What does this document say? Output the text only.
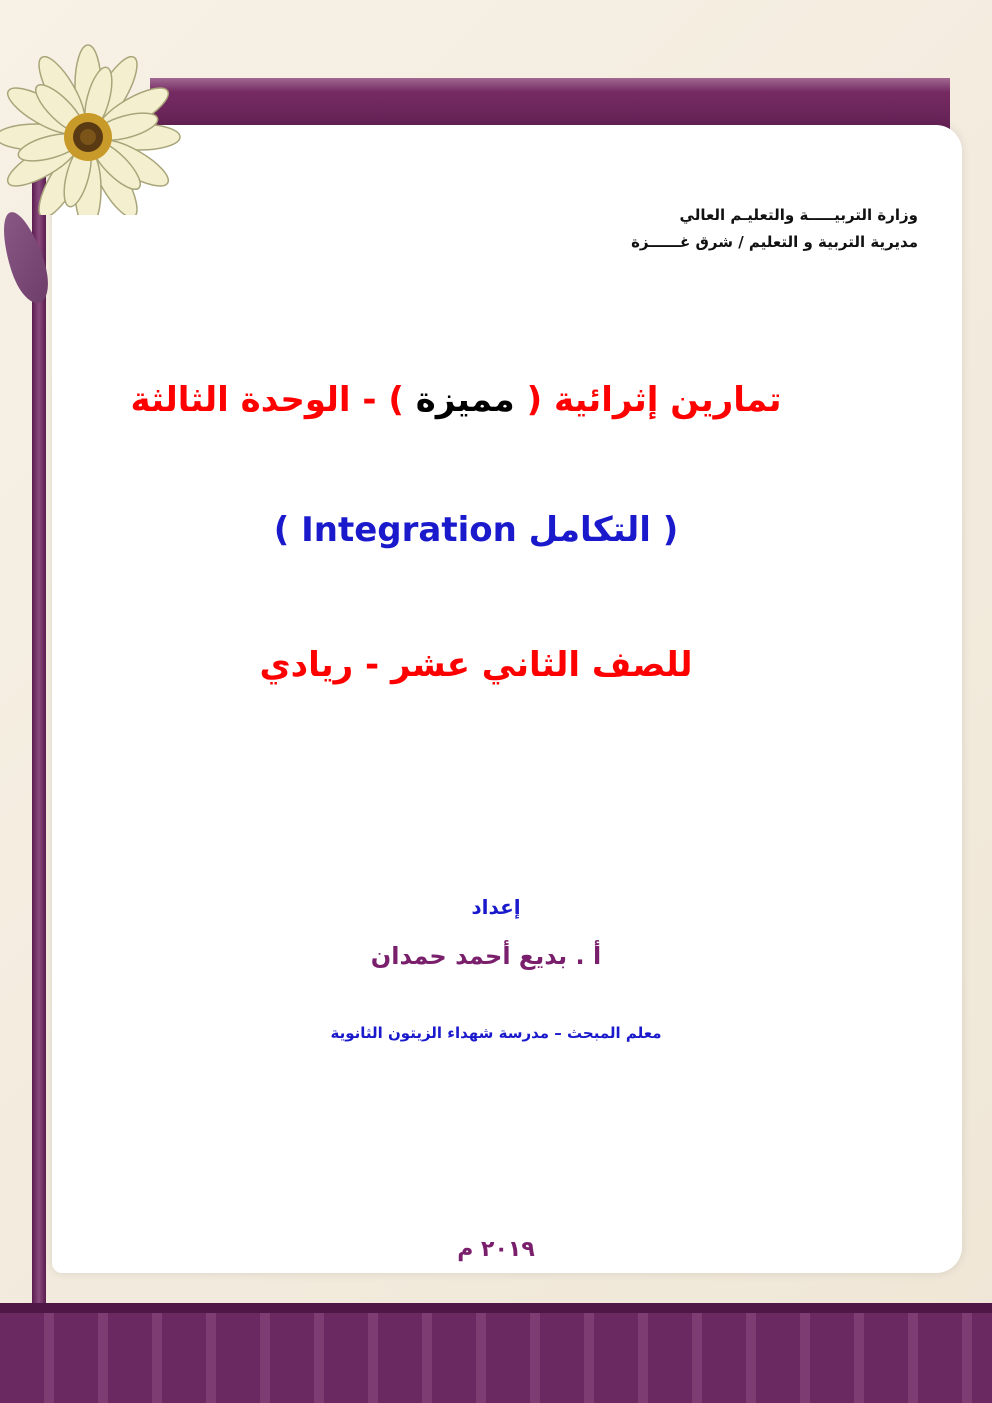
وزارة التربيـــــة والتعليـم العالي
مديرية التربية و التعليم / شرق غــــــزة
تمارين إثرائية ( مميزة ) - الوحدة الثالثة
( التكامل Integration )
للصف الثاني عشر - ريادي
إعداد
أ . بديع أحمد حمدان
معلم المبحث – مدرسة شهداء الزيتون الثانوية
٢٠١٩ م
